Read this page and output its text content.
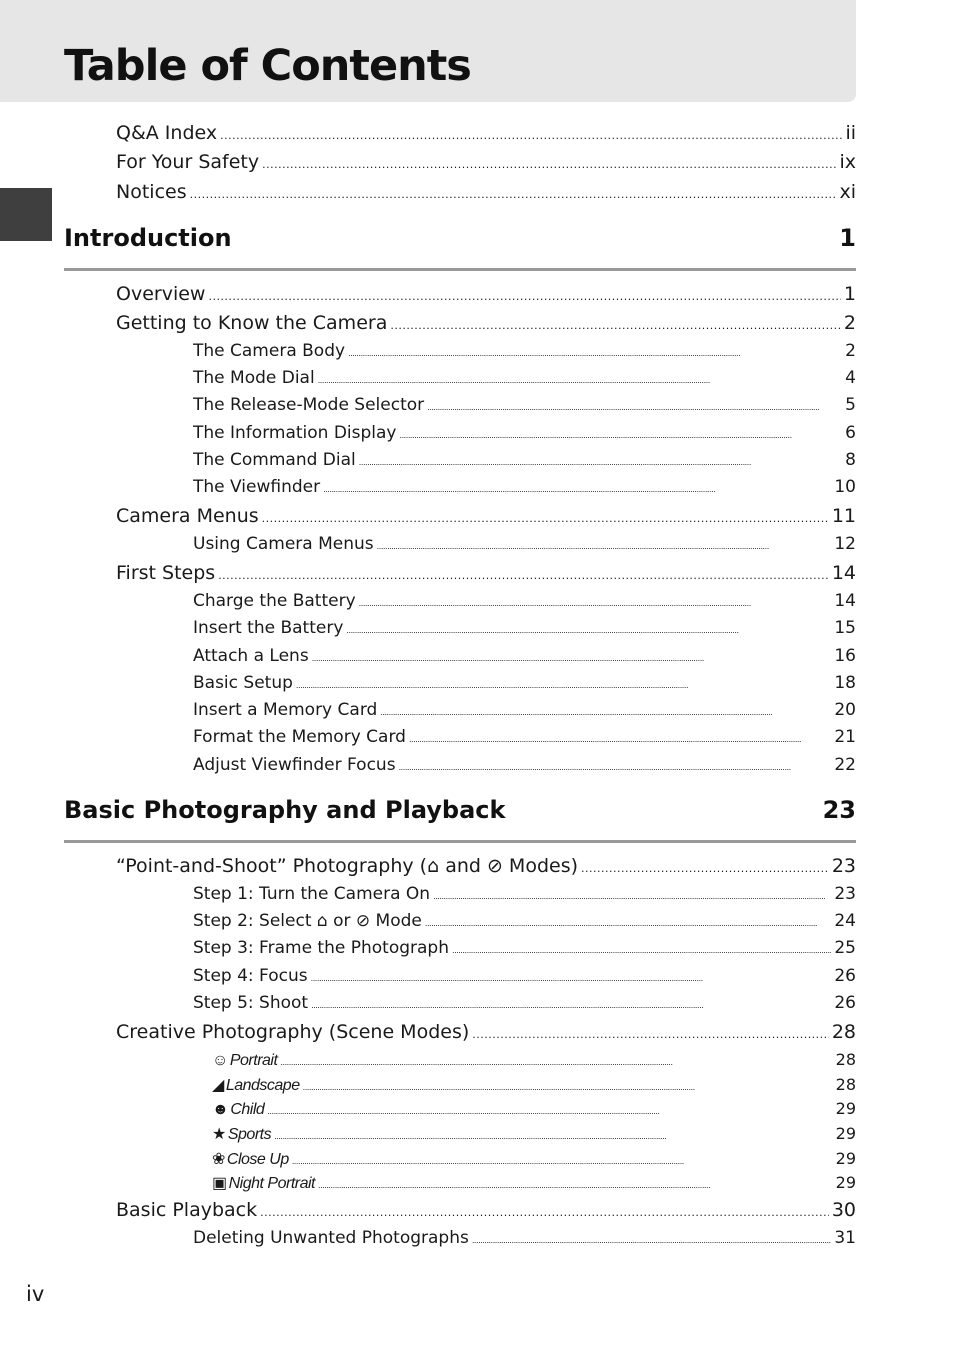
Table of Contents
Q&A Index . . .	ii
For Your Safety . . .	ix
Notices . . .	xi
Introduction	1
Overview . . .	1
Getting to Know the Camera . . .	2
The Camera Body . . .	2
The Mode Dial . . .	4
The Release-Mode Selector . . .	5
The Information Display . . .	6
The Command Dial . . .	8
The Viewfinder . . .	10
Camera Menus . . .	11
Using Camera Menus . . .	12
First Steps . . .	14
Charge the Battery . . .	14
Insert the Battery . . .	15
Attach a Lens . . .	16
Basic Setup . . .	18
Insert a Memory Card . . .	20
Format the Memory Card . . .	21
Adjust Viewfinder Focus . . .	22
Basic Photography and Playback	23
“Point-and-Shoot” Photography (⌂ and ⊘ Modes) . . .	23
Step 1: Turn the Camera On . . .	23
Step 2: Select ⌂ or ⊘ Mode . . .	24
Step 3: Frame the Photograph . . .	25
Step 4: Focus . . .	26
Step 5: Shoot . . .	26
Creative Photography (Scene Modes) . . .	28
☺ Portrait . . .	28
◢ Landscape . . .	28
☻ Child . . .	29
★ Sports . . .	29
❀ Close Up . . .	29
▣ Night Portrait . . .	29
Basic Playback . . .	30
Deleting Unwanted Photographs . . .	31
iv
